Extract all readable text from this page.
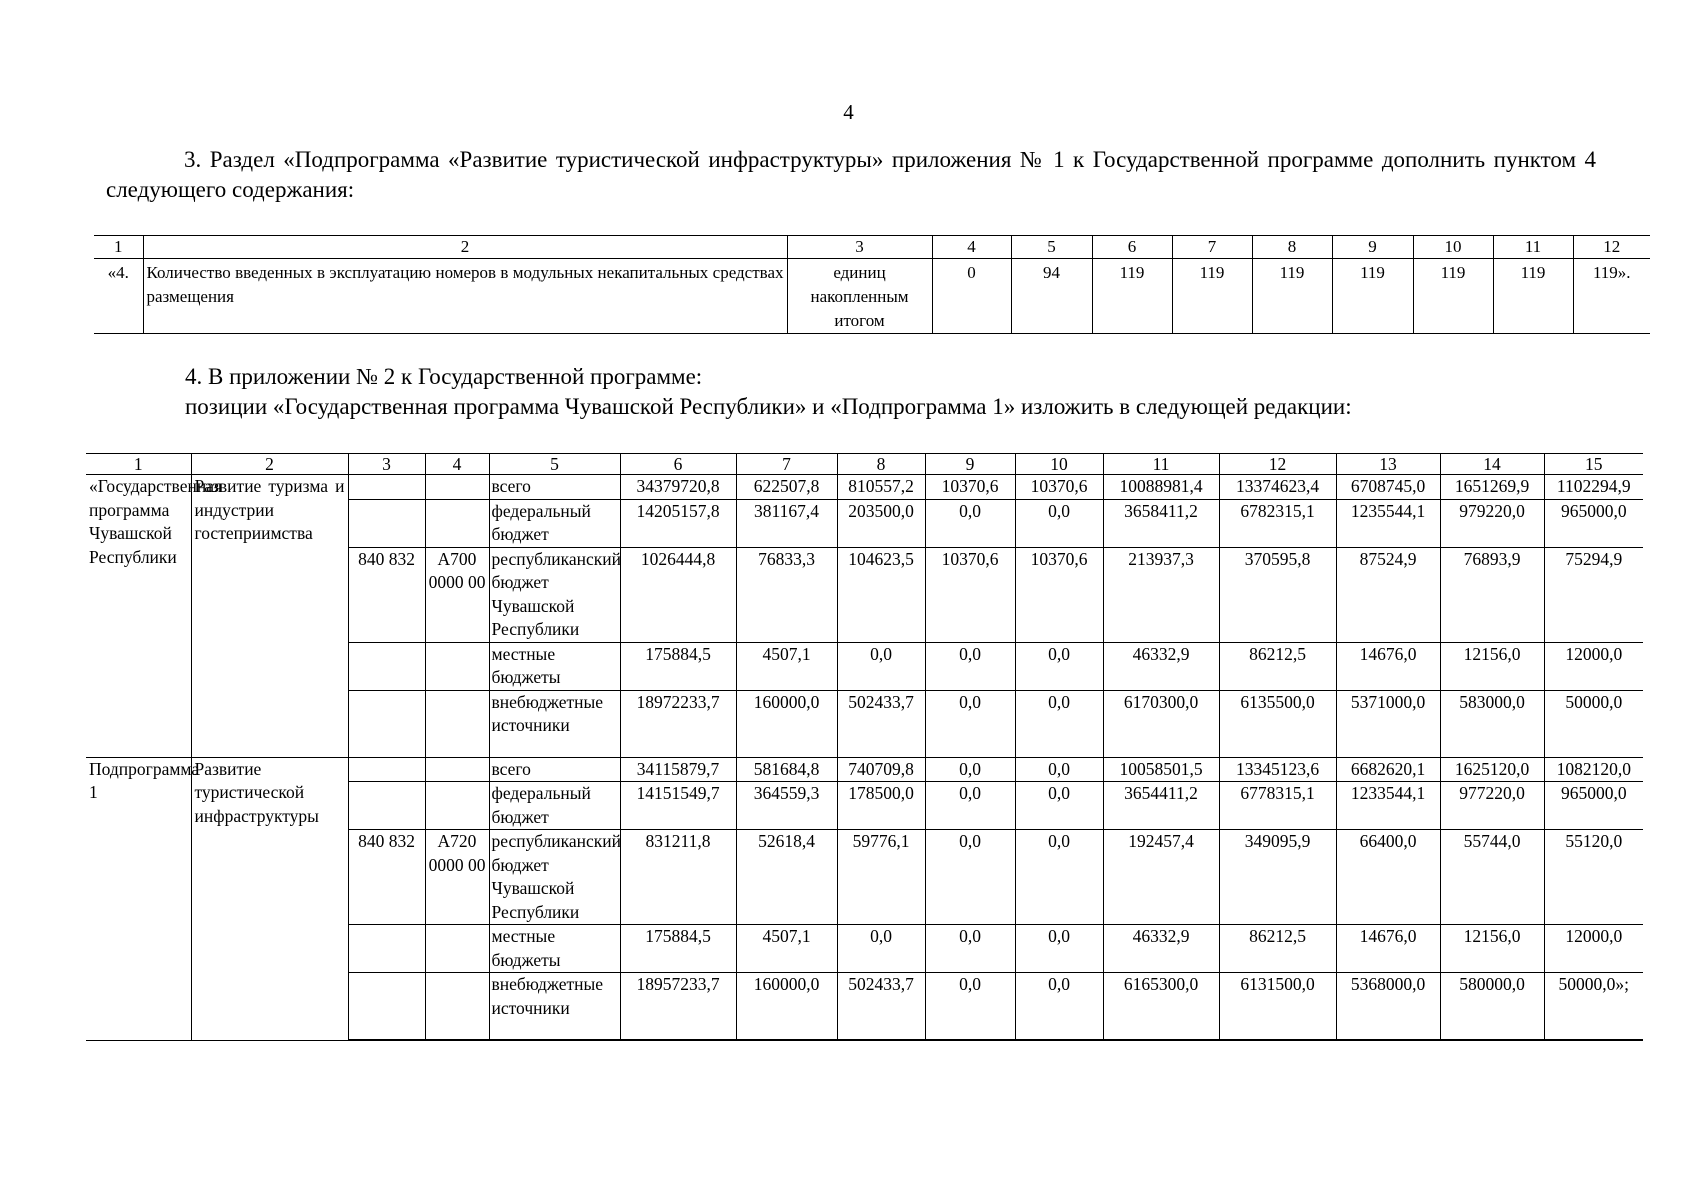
4
3. Раздел «Подпрограмма «Развитие туристической инфраструктуры» приложения № 1 к Государственной программе дополнить пунктом 4 следующего содержания:
1	2	3	4	5	6	7	8	9	10	11	12
«4.	Количество введенных в эксплуатацию номеров в модульных некапитальных средствах размещения	единиц
накопленным
итогом	0	94	119	119	119	119	119	119	119».
4. В приложении № 2 к Государственной программе:
позиции «Государственная программа Чувашской Республики» и «Подпрограмма 1» изложить в следующей редакции:
1	2	3	4	5	6	7	8	9	10	11	12	13	14	15
«Государственная программа Чувашской Республики	Развитие туризма и индустрии гостеприимства			всего	34379720,8	622507,8	810557,2	10370,6	10370,6	10088981,4	13374623,4	6708745,0	1651269,9	1102294,9
				федеральный бюджет	14205157,8	381167,4	203500,0	0,0	0,0	3658411,2	6782315,1	1235544,1	979220,0	965000,0
		840 832	А700 0000 00	республиканский бюджет Чувашской Республики	1026444,8	76833,3	104623,5	10370,6	10370,6	213937,3	370595,8	87524,9	76893,9	75294,9
				местные бюджеты	175884,5	4507,1	0,0	0,0	0,0	46332,9	86212,5	14676,0	12156,0	12000,0
				внебюджетные источники	18972233,7	160000,0	502433,7	0,0	0,0	6170300,0	6135500,0	5371000,0	583000,0	50000,0
Подпрограмма 1	Развитие туристической инфраструктуры			всего	34115879,7	581684,8	740709,8	0,0	0,0	10058501,5	13345123,6	6682620,1	1625120,0	1082120,0
				федеральный бюджет	14151549,7	364559,3	178500,0	0,0	0,0	3654411,2	6778315,1	1233544,1	977220,0	965000,0
		840 832	А720 0000 00	республиканский бюджет Чувашской Республики	831211,8	52618,4	59776,1	0,0	0,0	192457,4	349095,9	66400,0	55744,0	55120,0
				местные бюджеты	175884,5	4507,1	0,0	0,0	0,0	46332,9	86212,5	14676,0	12156,0	12000,0
				внебюджетные источники	18957233,7	160000,0	502433,7	0,0	0,0	6165300,0	6131500,0	5368000,0	580000,0	50000,0»;
